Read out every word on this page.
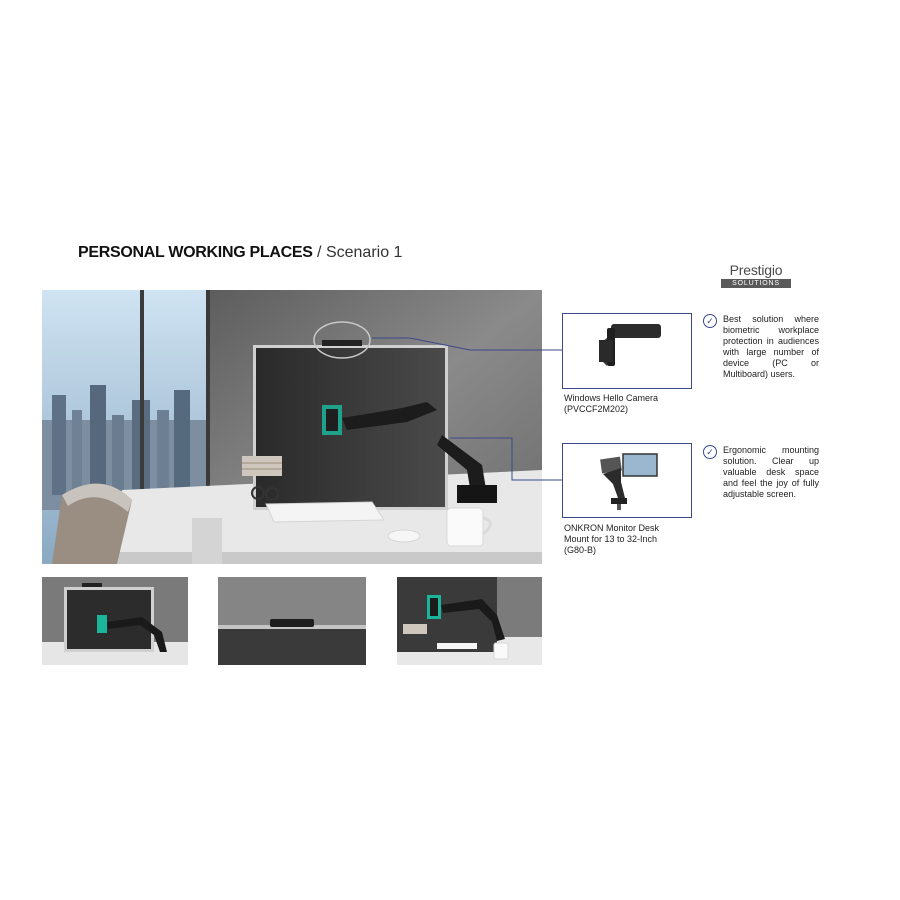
PERSONAL WORKING PLACES / Scenario 1
Prestigio
SOLUTIONS
Windows Hello Camera (PVCCF2M202)
✓	Best solution where biometric workplace protection in audiences with large number of device (PC or Multiboard) users.
ONKRON Monitor Desk Mount for 13 to 32-Inch (G80-B)
✓	Ergonomic mounting solution. Clear up valuable desk space and feel the joy of fully adjustable screen.
